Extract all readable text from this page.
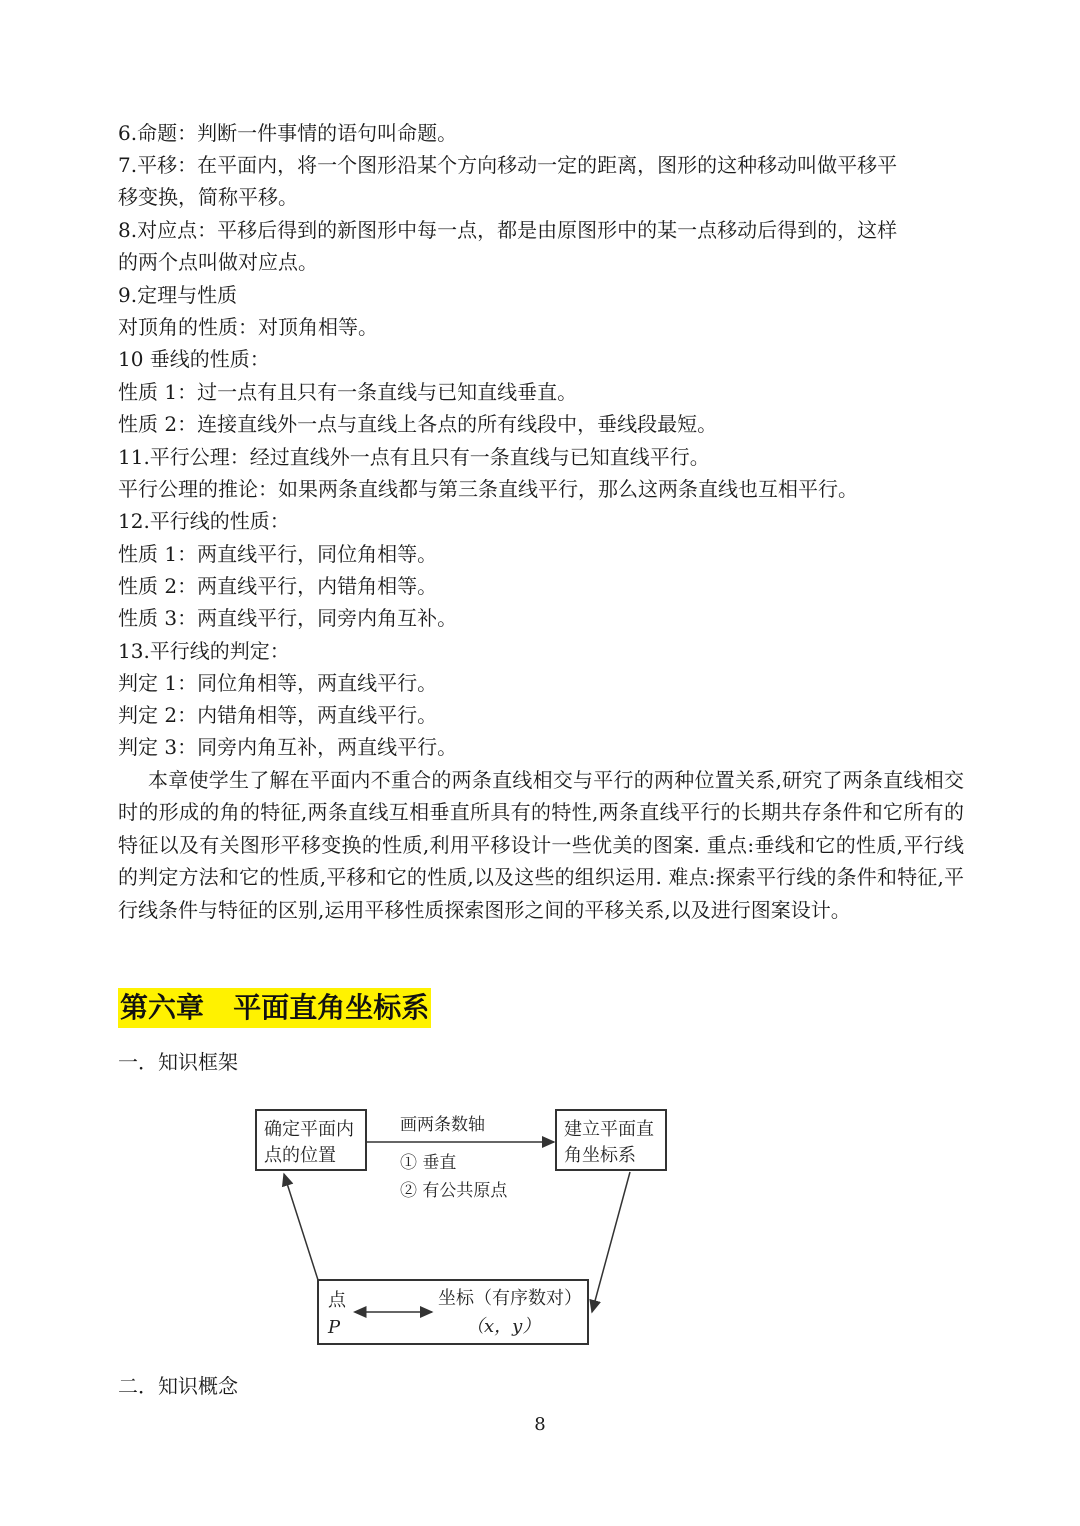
6.命题：判断一件事情的语句叫命题。
7.平移：在平面内，将一个图形沿某个方向移动一定的距离，图形的这种移动叫做平移平
移变换，简称平移。
8.对应点：平移后得到的新图形中每一点，都是由原图形中的某一点移动后得到的，这样
的两个点叫做对应点。
9.定理与性质
对顶角的性质：对顶角相等。
10 垂线的性质：
性质 1：过一点有且只有一条直线与已知直线垂直。
性质 2：连接直线外一点与直线上各点的所有线段中，垂线段最短。
11.平行公理：经过直线外一点有且只有一条直线与已知直线平行。
平行公理的推论：如果两条直线都与第三条直线平行，那么这两条直线也互相平行。
12.平行线的性质：
性质 1：两直线平行，同位角相等。
性质 2：两直线平行，内错角相等。
性质 3：两直线平行，同旁内角互补。
13.平行线的判定：
判定 1：同位角相等，两直线平行。
判定 2：内错角相等，两直线平行。
判定 3：同旁内角互补，两直线平行。
本章使学生了解在平面内不重合的两条直线相交与平行的两种位置关系,研究了两条直线相交时的形成的角的特征,两条直线互相垂直所具有的特性,两条直线平行的长期共存条件和它所有的特征以及有关图形平移变换的性质,利用平移设计一些优美的图案. 重点:垂线和它的性质,平行线的判定方法和它的性质,平移和它的性质,以及这些的组织运用. 难点:探索平行线的条件和特征,平行线条件与特征的区别,运用平移性质探索图形之间的平移关系,以及进行图案设计。
第六章   平面直角坐标系
一．知识框架
确定平面内
点的位置
建立平面直
角坐标系
画两条数轴
① 垂直
② 有公共原点
点
P
坐标（有序数对）
（x，y）
二．知识概念
8
